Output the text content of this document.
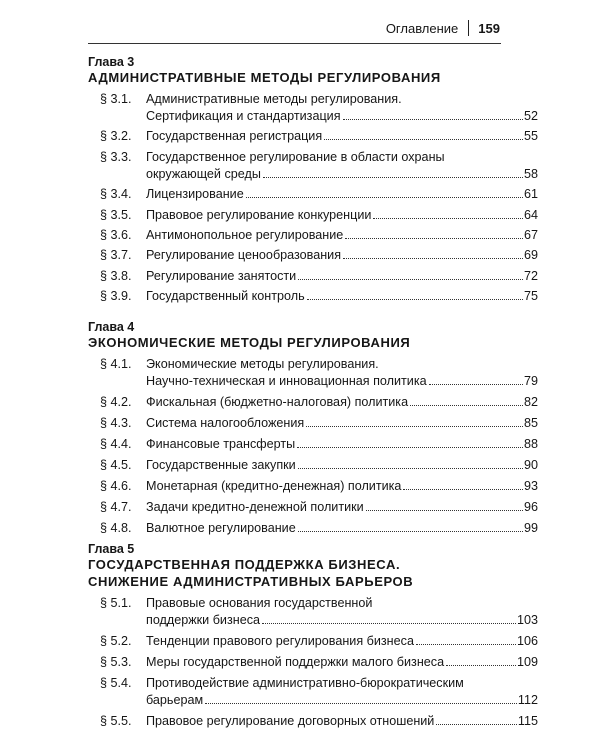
Оглавление 159
Глава 3
АДМИНИСТРАТИВНЫЕ МЕТОДЫ РЕГУЛИРОВАНИЯ
§ 3.1. Административные методы регулирования.
Сертификация и стандартизация	52
§ 3.2. Государственная регистрация	55
§ 3.3. Государственное регулирование в области охраны
окружающей среды	58
§ 3.4. Лицензирование	61
§ 3.5. Правовое регулирование конкуренции	64
§ 3.6. Антимонопольное регулирование	67
§ 3.7. Регулирование ценообразования	69
§ 3.8. Регулирование занятости	72
§ 3.9. Государственный контроль	75
Глава 4
ЭКОНОМИЧЕСКИЕ МЕТОДЫ РЕГУЛИРОВАНИЯ
§ 4.1. Экономические методы регулирования.
Научно-техническая и инновационная политика	79
§ 4.2. Фискальная (бюджетно-налоговая) политика	82
§ 4.3. Система налогообложения	85
§ 4.4. Финансовые трансферты	88
§ 4.5. Государственные закупки	90
§ 4.6. Монетарная (кредитно-денежная) политика	93
§ 4.7. Задачи кредитно-денежной политики	96
§ 4.8. Валютное регулирование	99
Глава 5
ГОСУДАРСТВЕННАЯ ПОДДЕРЖКА БИЗНЕСА.
СНИЖЕНИЕ АДМИНИСТРАТИВНЫХ БАРЬЕРОВ
§ 5.1. Правовые основания государственной
поддержки бизнеса	103
§ 5.2. Тенденции правового регулирования бизнеса	106
§ 5.3. Меры государственной поддержки малого бизнеса	109
§ 5.4. Противодействие административно-бюрократическим
барьерам	112
§ 5.5. Правовое регулирование договорных отношений	115
